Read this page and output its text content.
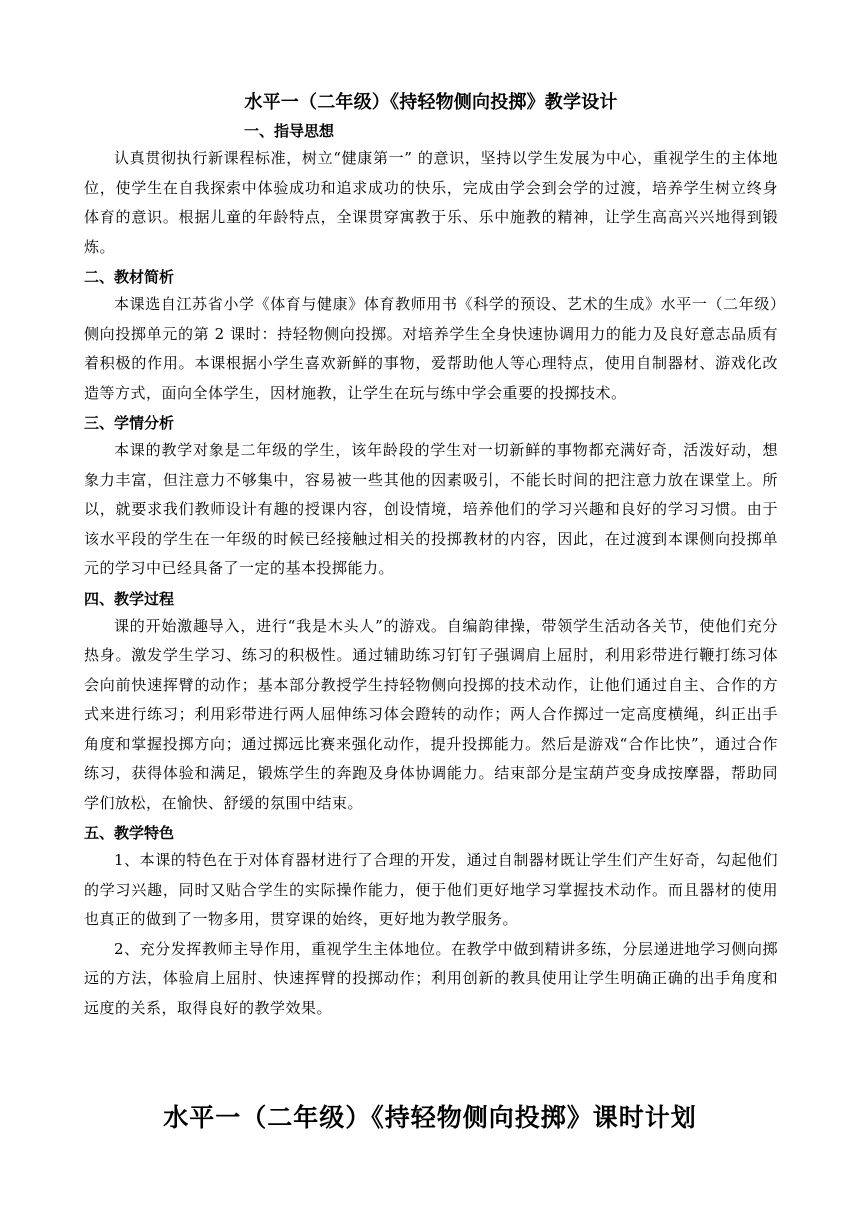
水平一（二年级）《持轻物侧向投掷》教学设计
一、指导思想

认真贯彻执行新课程标准，树立“健康第一” 的意识，坚持以学生发展为中心，重视学生的主体地位，使学生在自我探索中体验成功和追求成功的快乐，完成由学会到会学的过渡，培养学生树立终身体育的意识。根据儿童的年龄特点，全课贯穿寓教于乐、乐中施教的精神，让学生高高兴兴地得到锻炼。

二、教材简析

本课选自江苏省小学《体育与健康》体育教师用书《科学的预设、艺术的生成》水平一（二年级）侧向投掷单元的第 2 课时：持轻物侧向投掷。对培养学生全身快速协调用力的能力及良好意志品质有着积极的作用。本课根据小学生喜欢新鲜的事物，爱帮助他人等心理特点，使用自制器材、游戏化改造等方式，面向全体学生，因材施教，让学生在玩与练中学会重要的投掷技术。

三、学情分析

本课的教学对象是二年级的学生，该年龄段的学生对一切新鲜的事物都充满好奇，活泼好动，想象力丰富，但注意力不够集中，容易被一些其他的因素吸引，不能长时间的把注意力放在课堂上。所以，就要求我们教师设计有趣的授课内容，创设情境，培养他们的学习兴趣和良好的学习习惯。由于该水平段的学生在一年级的时候已经接触过相关的投掷教材的内容，因此，在过渡到本课侧向投掷单元的学习中已经具备了一定的基本投掷能力。

四、教学过程

课的开始激趣导入，进行“我是木头人”的游戏。自编韵律操，带领学生活动各关节，使他们充分热身。激发学生学习、练习的积极性。通过辅助练习钉钉子强调肩上屈肘，利用彩带进行鞭打练习体会向前快速挥臂的动作；基本部分教授学生持轻物侧向投掷的技术动作，让他们通过自主、合作的方式来进行练习；利用彩带进行两人屈伸练习体会蹬转的动作；两人合作掷过一定高度横绳，纠正出手角度和掌握投掷方向；通过掷远比赛来强化动作，提升投掷能力。然后是游戏“合作比快”，通过合作练习，获得体验和满足，锻炼学生的奔跑及身体协调能力。结束部分是宝葫芦变身成按摩器，帮助同学们放松，在愉快、舒缓的氛围中结束。

五、教学特色

1、本课的特色在于对体育器材进行了合理的开发，通过自制器材既让学生们产生好奇，勾起他们的学习兴趣，同时又贴合学生的实际操作能力，便于他们更好地学习掌握技术动作。而且器材的使用也真正的做到了一物多用，贯穿课的始终，更好地为教学服务。

2、充分发挥教师主导作用，重视学生主体地位。在教学中做到精讲多练，分层递进地学习侧向掷远的方法，体验肩上屈肘、快速挥臂的投掷动作；利用创新的教具使用让学生明确正确的出手角度和远度的关系，取得良好的教学效果。

水平一（二年级）《持轻物侧向投掷》课时计划
